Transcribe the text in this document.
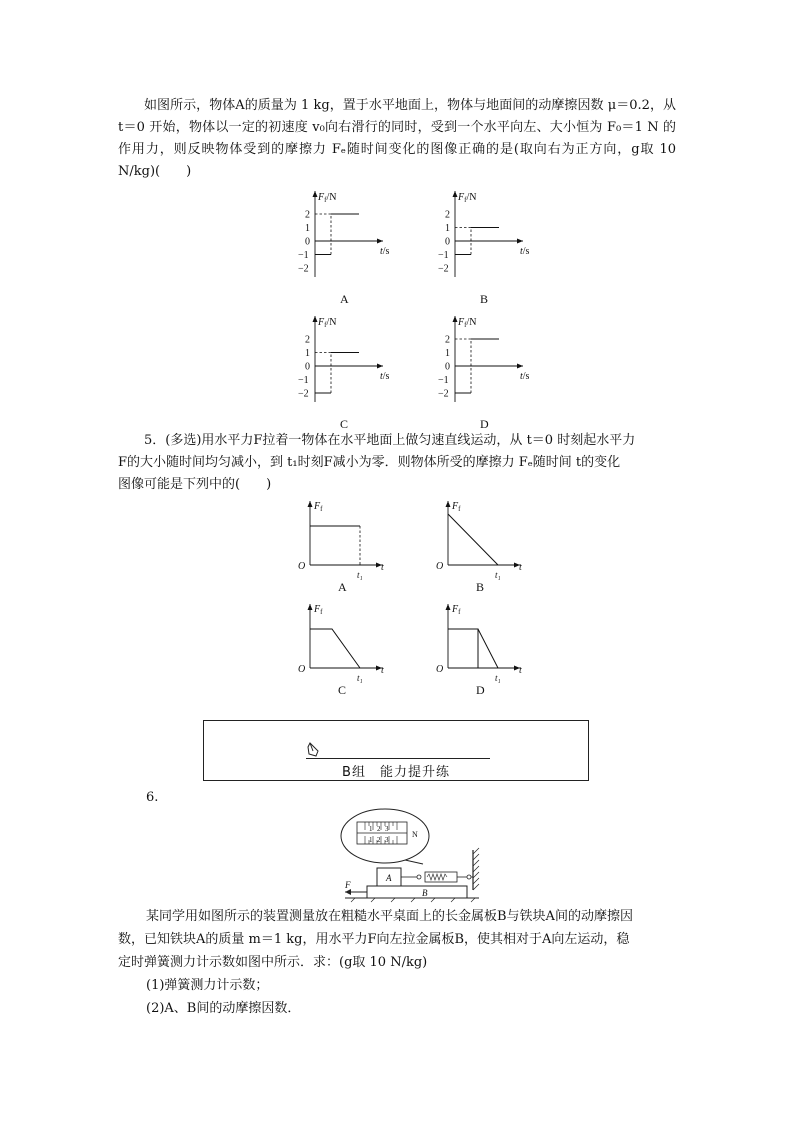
如图所示，物体A的质量为 1 kg，置于水平地面上，物体与地面间的动摩擦因数 μ＝0.2，从 t＝0 开始，物体以一定的初速度 v₀向右滑行的同时，受到一个水平向左、大小恒为 F₀＝1 N 的作用力，则反映物体受到的摩擦力 Fₑ随时间变化的图像正确的是(取向右为正方向，g取 10 N/kg)(　　)

$F_f/N$
t/s
2
1
0
−1
−2
A
$F_f/N$
t/s
2
1
0
−1
−2
B
$F_f/N$
t/s
2
1
0
−1
−2
C
$F_f/N$
t/s
2
1
0
−1
−2
D
5．(多选)用水平力F拉着一物体在水平地面上做匀速直线运动，从 t＝0 时刻起水平力
F的大小随时间均匀减小，到 t₁时刻F减小为零．则物体所受的摩擦力 Fₑ随时间 t的变化
图像可能是下列中的(　　)
$F_f$
O	t
t₁
A
$F_f$
O	t
t₁
B
$F_f$
O	t
t₁
C
$F_f$
O	t
t₁
D
B组　能力提升练
6.
1 2 3
1 2 3
N
B
A
F
某同学用如图所示的装置测量放在粗糙水平桌面上的长金属板B与铁块A间的动摩擦因
数，已知铁块A的质量 m＝1 kg，用水平力F向左拉金属板B，使其相对于A向左运动，稳
定时弹簧测力计示数如图中所示．求：(g取 10 N/kg)
(1)弹簧测力计示数；
(2)A、B间的动摩擦因数．
